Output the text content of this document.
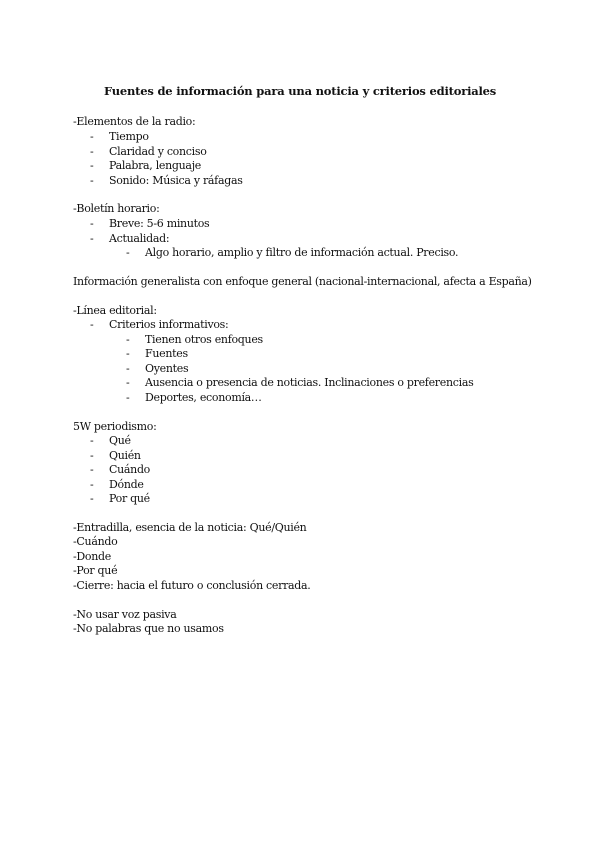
Fuentes de información para una noticia y criterios editoriales
-Elementos de la radio:
- Tiempo
- Claridad y conciso
- Palabra, lenguaje
- Sonido: Música y ráfagas
-Boletín horario:
- Breve: 5-6 minutos
- Actualidad:
- Algo horario, amplio y filtro de información actual. Preciso.
Información generalista con enfoque general (nacional-internacional, afecta a España)
-Línea editorial:
- Criterios informativos:
- Tienen otros enfoques
- Fuentes
- Oyentes
- Ausencia o presencia de noticias. Inclinaciones o preferencias
- Deportes, economía…
5W periodismo:
- Qué
- Quién
- Cuándo
- Dónde
- Por qué
-Entradilla, esencia de la noticia: Qué/Quién
-Cuándo
-Donde
-Por qué
-Cierre: hacia el futuro o conclusión cerrada.
-No usar voz pasiva
-No palabras que no usamos
